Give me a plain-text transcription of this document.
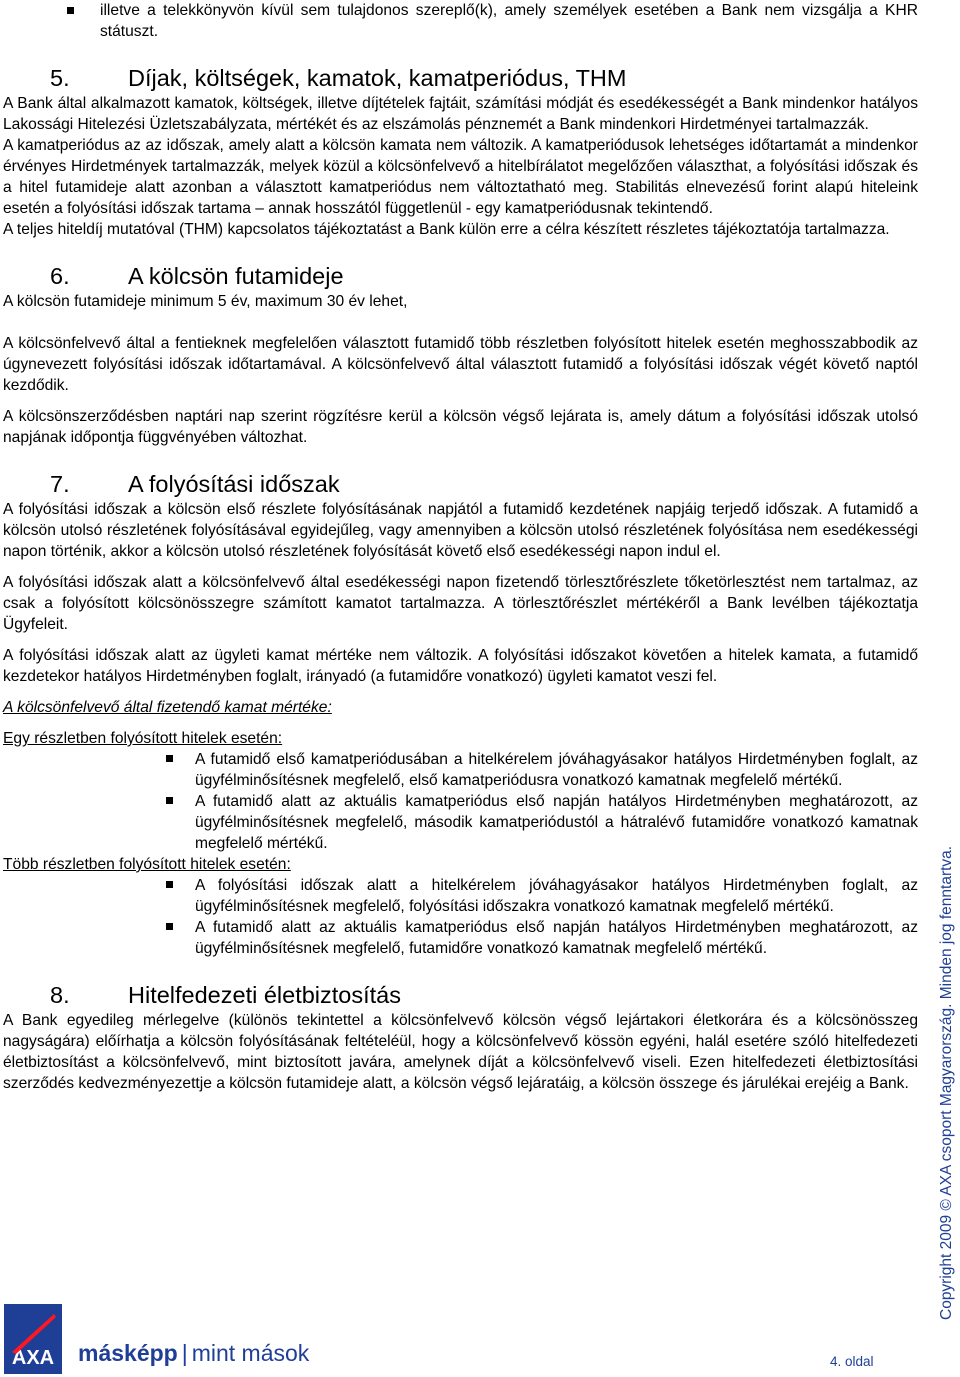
illetve a telekkönyvön kívül sem tulajdonos szereplő(k), amely személyek esetében a Bank nem vizsgálja a KHR státuszt.

5. Díjak, költségek, kamatok, kamatperiódus, THM

A Bank által alkalmazott kamatok, költségek, illetve díjtételek fajtáit, számítási módját és esedékességét a Bank mindenkor hatályos Lakossági Hitelezési Üzletszabályzata, mértékét és az elszámolás pénznemét a Bank mindenkori Hirdetményei tartalmazzák.

A kamatperiódus az az időszak, amely alatt a kölcsön kamata nem változik. A kamatperiódusok lehetséges időtartamát a mindenkor érvényes Hirdetmények tartalmazzák, melyek közül a kölcsönfelvevő a hitelbírálatot megelőzően választhat, a folyósítási időszak és a hitel futamideje alatt azonban a választott kamatperiódus nem változtatható meg. Stabilitás elnevezésű forint alapú hiteleink esetén a folyósítási időszak tartama – annak hosszától függetlenül - egy kamatperiódusnak tekintendő.

A teljes hiteldíj mutatóval (THM) kapcsolatos tájékoztatást a Bank külön erre a célra készített részletes tájékoztatója tartalmazza.

6. A kölcsön futamideje

A kölcsön futamideje minimum 5 év, maximum 30 év lehet,

A kölcsönfelvevő által a fentieknek megfelelően választott futamidő több részletben folyósított hitelek esetén meghosszabbodik az úgynevezett folyósítási időszak időtartamával. A kölcsönfelvevő által választott futamidő a folyósítási időszak végét követő naptól kezdődik.

A kölcsönszerződésben naptári nap szerint rögzítésre kerül a kölcsön végső lejárata is, amely dátum a folyósítási időszak utolsó napjának időpontja függvényében változhat.

7. A folyósítási időszak

A folyósítási időszak a kölcsön első részlete folyósításának napjától a futamidő kezdetének napjáig terjedő időszak. A futamidő a kölcsön utolsó részletének folyósításával egyidejűleg, vagy amennyiben a kölcsön utolsó részletének folyósítása nem esedékességi napon történik, akkor a kölcsön utolsó részletének folyósítását követő első esedékességi napon indul el.

A folyósítási időszak alatt a kölcsönfelvevő által esedékességi napon fizetendő törlesztőrészlete tőketörlesztést nem tartalmaz, az csak a folyósított kölcsönösszegre számított kamatot tartalmazza. A törlesztőrészlet mértékéről a Bank levélben tájékoztatja Ügyfeleit.

A folyósítási időszak alatt az ügyleti kamat mértéke nem változik. A folyósítási időszakot követően a hitelek kamata, a futamidő kezdetekor hatályos Hirdetményben foglalt, irányadó (a futamidőre vonatkozó) ügyleti kamatot veszi fel.

A kölcsönfelvevő által fizetendő kamat mértéke:

Egy részletben folyósított hitelek esetén:

A futamidő első kamatperiódusában a hitelkérelem jóváhagyásakor hatályos Hirdetményben foglalt, az ügyfélminősítésnek megfelelő, első kamatperiódusra vonatkozó kamatnak megfelelő mértékű.

A futamidő alatt az aktuális kamatperiódus első napján hatályos Hirdetményben meghatározott, az ügyfélminősítésnek megfelelő, második kamatperiódustól a hátralévő futamidőre vonatkozó kamatnak megfelelő mértékű.

Több részletben folyósított hitelek esetén:

A folyósítási időszak alatt a hitelkérelem jóváhagyásakor hatályos Hirdetményben foglalt, az ügyfélminősítésnek megfelelő, folyósítási időszakra vonatkozó kamatnak megfelelő mértékű.

A futamidő alatt az aktuális kamatperiódus első napján hatályos Hirdetményben meghatározott, az ügyfélminősítésnek megfelelő, futamidőre vonatkozó kamatnak megfelelő mértékű.

8. Hitelfedezeti életbiztosítás

A Bank egyedileg mérlegelve (különös tekintettel a kölcsönfelvevő kölcsön végső lejártakori életkorára és a kölcsönösszeg nagyságára) előírhatja a kölcsön folyósításának feltételéül, hogy a kölcsönfelvevő kössön egyéni, halál esetére szóló hitelfedezeti életbiztosítást a kölcsönfelvevő, mint biztosított javára, amelynek díját a kölcsönfelvevő viseli. Ezen hitelfedezeti életbiztosítási szerződés kedvezményezettje a kölcsön futamideje alatt, a kölcsön végső lejáratáig, a kölcsön összege és járulékai erejéig a Bank.	Copyright 2009 © AXA csoport Magyarország. Minden jog fenntartva.
AXA másképp | mint mások	4. oldal
